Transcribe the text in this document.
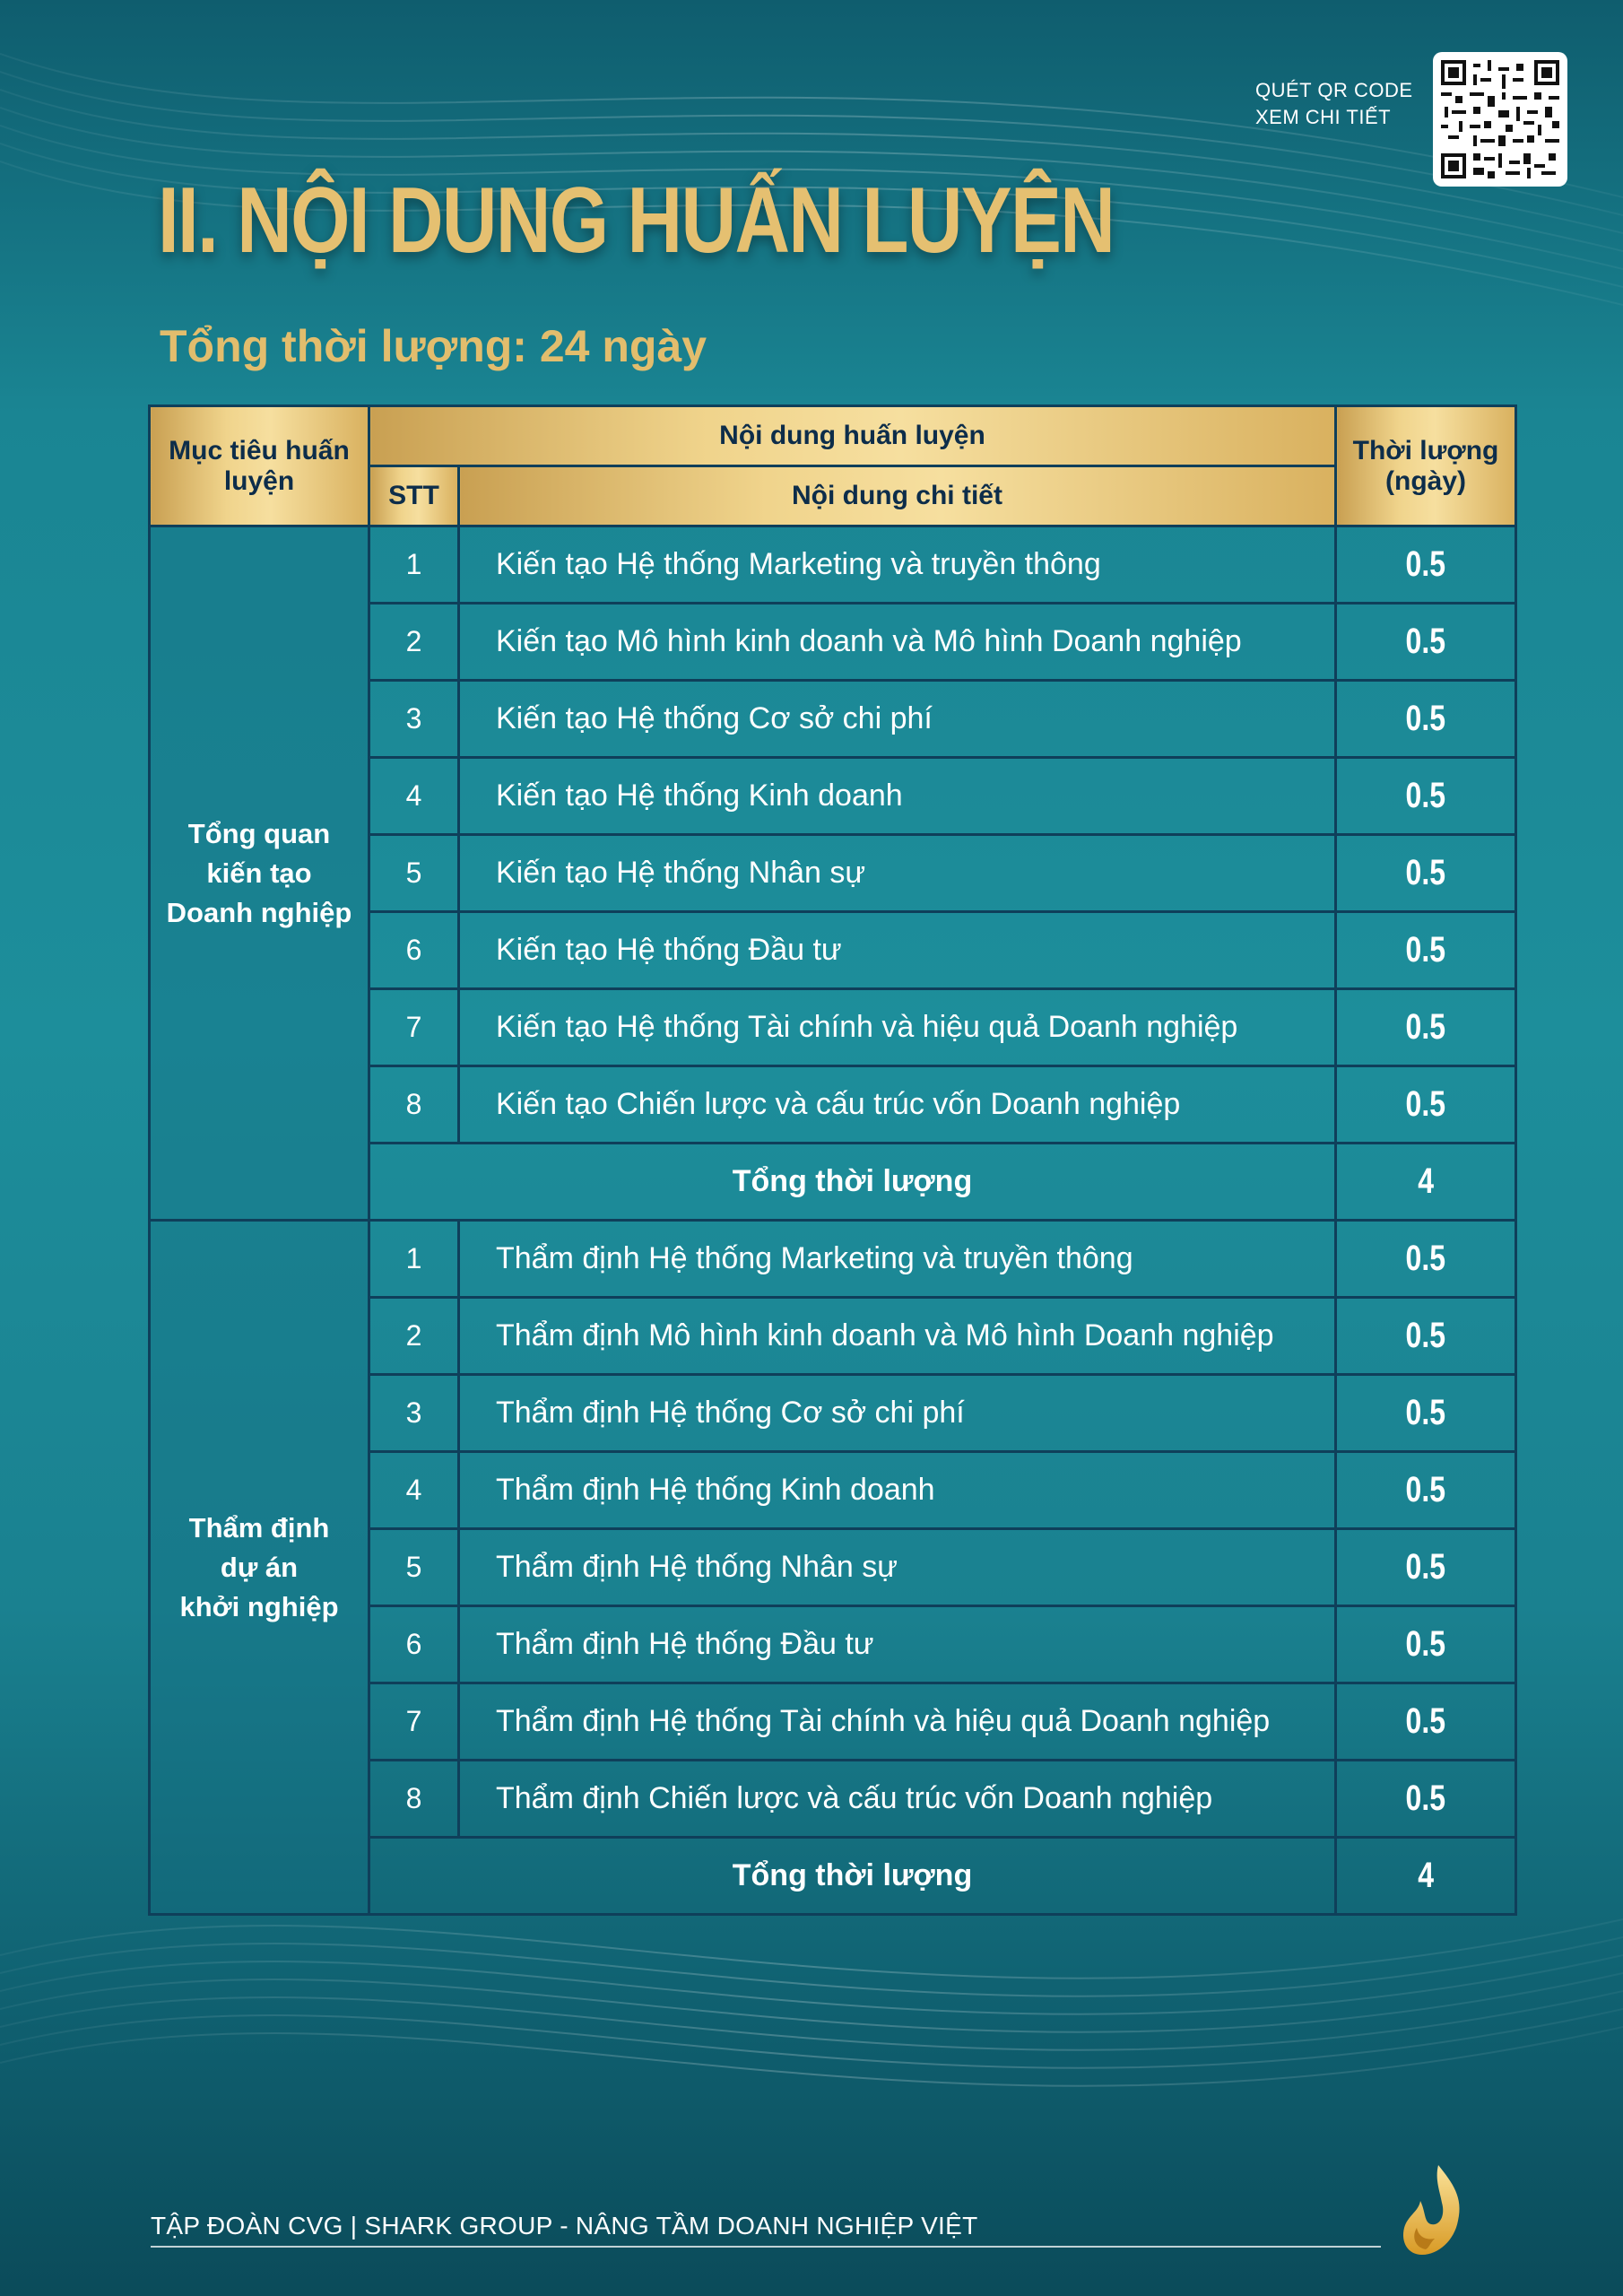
QUÉT QR CODE
XEM CHI TIẾT
II. NỘI DUNG HUẤN LUYỆN
Tổng thời lượng: 24 ngày
Mục tiêu huấn luyện	Nội dung huấn luyện		Thời lượng (ngày)
	STT	Nội dung chi tiết	

Tổng quan
kiến tạo
Doanh nghiệp	1	Kiến tạo Hệ thống Marketing và truyền thông	0.5
	2	Kiến tạo Mô hình kinh doanh và Mô hình Doanh nghiệp	0.5
	3	Kiến tạo Hệ thống Cơ sở chi phí	0.5
	4	Kiến tạo Hệ thống Kinh doanh	0.5
	5	Kiến tạo Hệ thống Nhân sự	0.5
	6	Kiến tạo Hệ thống Đầu tư	0.5
	7	Kiến tạo Hệ thống Tài chính và hiệu quả Doanh nghiệp	0.5
	8	Kiến tạo Chiến lược và cấu trúc vốn Doanh nghiệp	0.5
	Tổng thời lượng		4

Thẩm định
dự án
khởi nghiệp	1	Thẩm định Hệ thống Marketing và truyền thông	0.5
	2	Thẩm định Mô hình kinh doanh và Mô hình Doanh nghiệp	0.5
	3	Thẩm định Hệ thống Cơ sở chi phí	0.5
	4	Thẩm định Hệ thống Kinh doanh	0.5
	5	Thẩm định Hệ thống Nhân sự	0.5
	6	Thẩm định Hệ thống Đầu tư	0.5
	7	Thẩm định Hệ thống Tài chính và hiệu quả Doanh nghiệp	0.5
	8	Thẩm định Chiến lược và cấu trúc vốn Doanh nghiệp	0.5
	Tổng thời lượng		4
TẬP ĐOÀN CVG | SHARK GROUP - NÂNG TẦM DOANH NGHIỆP VIỆT
